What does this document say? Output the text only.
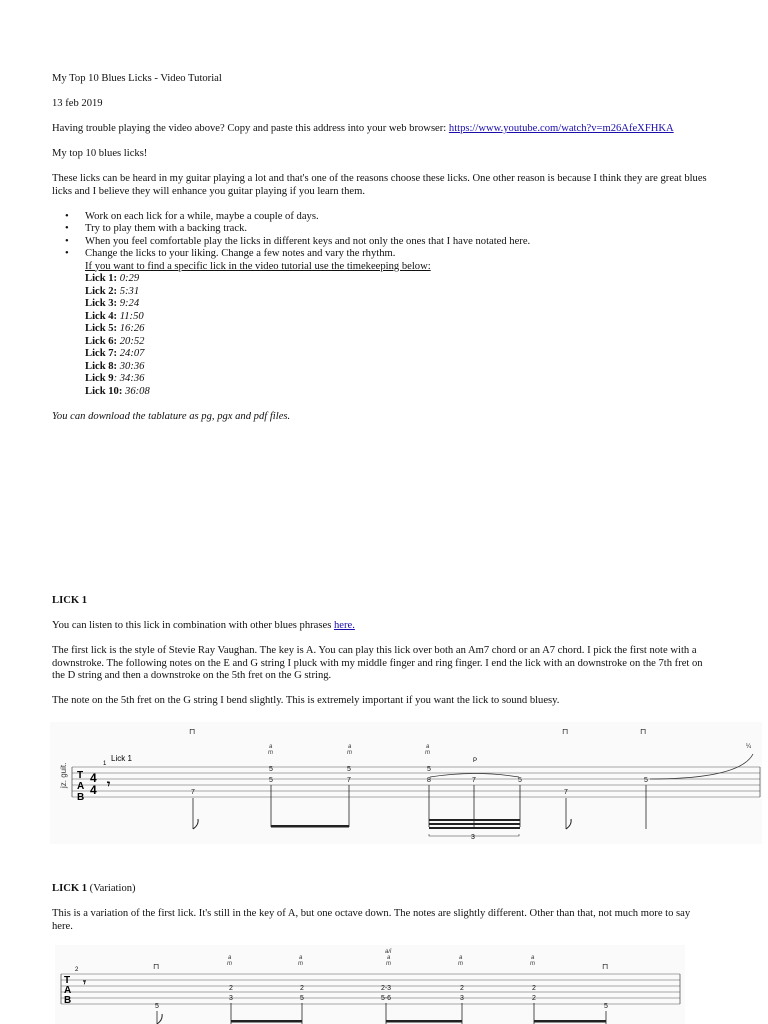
My Top 10 Blues Licks - Video Tutorial

13 feb 2019

Having trouble playing the video above? Copy and paste this address into your web browser: https://www.youtube.com/watch?v=m26AfeXFHKA

My top 10 blues licks!

These licks can be heard in my guitar playing a lot and that's one of the reasons choose these licks. One other reason is because I think they are great blues licks and I believe they will enhance you guitar playing if you learn them.

• Work on each lick for a while, maybe a couple of days.
• Try to play them with a backing track.
• When you feel comfortable play the licks in different keys and not only the ones that I have notated here.
• Change the licks to your liking. Change a few notes and vary the rhythm.
If you want to find a specific lick in the video tutorial use the timekeeping below:
Lick 1: 0:29
Lick 2: 5:31
Lick 3: 9:24
Lick 4: 11:50
Lick 5: 16:26
Lick 6: 20:52
Lick 7: 24:07
Lick 8: 30:36
Lick 9: 34:36
Lick 10: 36:08

You can download the tablature as pg, pgx and pdf files.

LICK 1

You can listen to this lick in combination with other blues phrases here.

The first lick is the style of Stevie Ray Vaughan. The key is A. You can play this lick over both an Am7 chord or an A7 chord. I pick the first note with a downstroke. The following notes on the E and G string I pluck with my middle finger and ring finger. I end the lick with an downstroke on the 7th fret on the D string and then a downstroke on the 5th fret on the G string.

The note on the 5th fret on the G string I bend slightly. This is extremely important if you want the lick to sound bluesy.

jz. guit. T
A
B
4
4 𝄾
1
Lick 1
⊓	⊓	⊓
a
m
a
m
a
m
P
¼
7
5
5
5
7
5
8	7	5
7
5
3

LICK 1 (Variation)

This is a variation of the first lick. It's still in the key of A, but one octave down. The notes are slightly different. Other than that, not much more to say here.

2
T
A
B
𝄾
⊓	⊓
a
m
a
m
a/i
a
m
a
m
a
m
5
2
3
2
5
2-3
5-6
2
3
2
2
5
